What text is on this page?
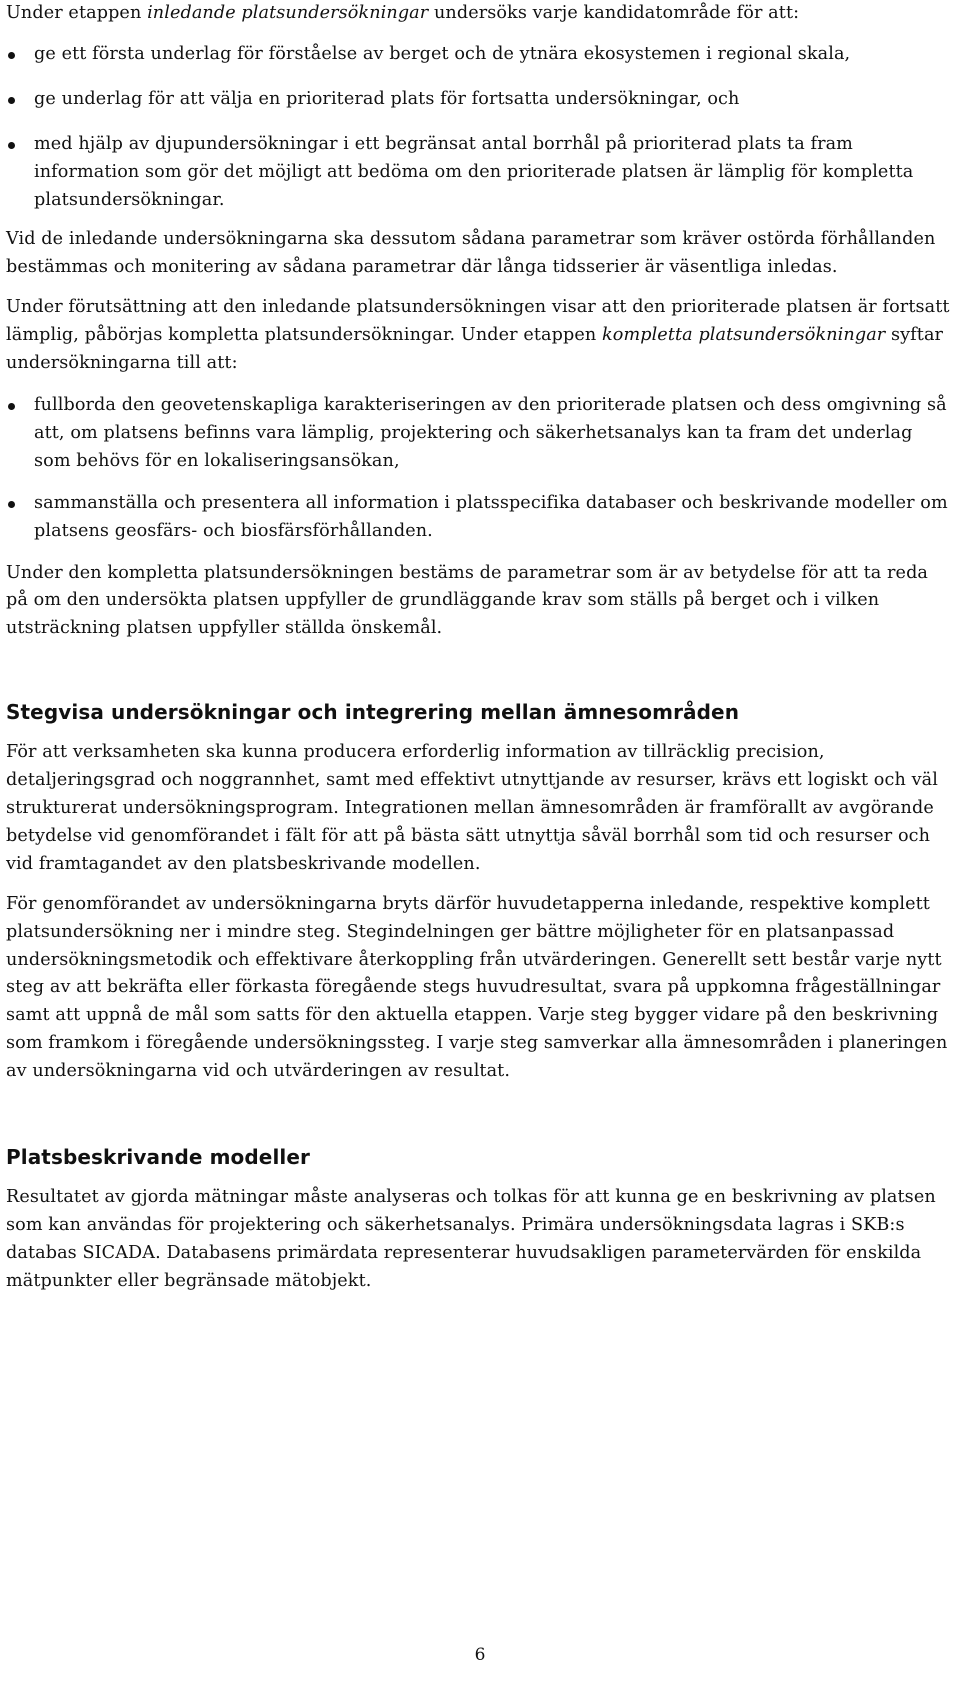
Under etappen inledande platsundersökningar undersöks varje kandidatområde för att:

ge ett första underlag för förståelse av berget och de ytnära ekosystemen i regional skala,
ge underlag för att välja en prioriterad plats för fortsatta undersökningar, och
med hjälp av djupundersökningar i ett begränsat antal borrhål på prioriterad plats ta fram information som gör det möjligt att bedöma om den prioriterade platsen är lämplig för kompletta platsundersökningar.

Vid de inledande undersökningarna ska dessutom sådana parametrar som kräver ostörda förhållanden bestämmas och monitering av sådana parametrar där långa tidsserier är väsentliga inledas.

Under förutsättning att den inledande platsundersökningen visar att den prioriterade platsen är fortsatt lämplig, påbörjas kompletta platsundersökningar. Under etappen kompletta platsundersökningar syftar undersökningarna till att:

fullborda den geovetenskapliga karakteriseringen av den prioriterade platsen och dess omgivning så att, om platsens befinns vara lämplig, projektering och säkerhetsanalys kan ta fram det underlag som behövs för en lokaliseringsansökan,
sammanställa och presentera all information i platsspecifika databaser och beskrivande modeller om platsens geosfärs- och biosfärsförhållanden.

Under den kompletta platsundersökningen bestäms de parametrar som är av betydelse för att ta reda på om den undersökta platsen uppfyller de grundläggande krav som ställs på berget och i vilken utsträckning platsen uppfyller ställda önskemål.

Stegvisa undersökningar och integrering mellan ämnesområden

För att verksamheten ska kunna producera erforderlig information av tillräcklig precision, detaljeringsgrad och noggrannhet, samt med effektivt utnyttjande av resurser, krävs ett logiskt och väl strukturerat undersökningsprogram. Integrationen mellan ämnesområden är framförallt av avgörande betydelse vid genomförandet i fält för att på bästa sätt utnyttja såväl borrhål som tid och resurser och vid framtagandet av den platsbeskrivande modellen.

För genomförandet av undersökningarna bryts därför huvudetapperna inledande, respektive komplett platsundersökning ner i mindre steg. Stegindelningen ger bättre möjligheter för en platsanpassad undersökningsmetodik och effektivare återkoppling från utvärderingen. Generellt sett består varje nytt steg av att bekräfta eller förkasta föregående stegs huvudresultat, svara på uppkomna frågeställningar samt att uppnå de mål som satts för den aktuella etappen. Varje steg bygger vidare på den beskrivning som framkom i föregående undersökningssteg. I varje steg samverkar alla ämnesområden i planeringen av undersökningarna vid och utvärderingen av resultat.

Platsbeskrivande modeller

Resultatet av gjorda mätningar måste analyseras och tolkas för att kunna ge en beskrivning av platsen som kan användas för projektering och säkerhetsanalys. Primära undersökningsdata lagras i SKB:s databas SICADA. Databasens primärdata representerar huvudsakligen parametervärden för enskilda mätpunkter eller begränsade mätobjekt.

6
